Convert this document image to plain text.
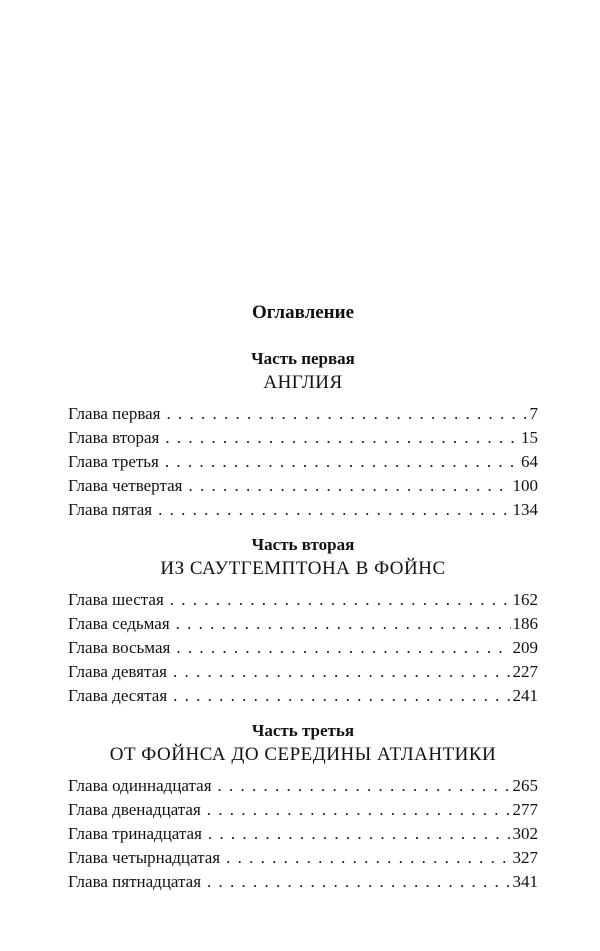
Оглавление
Часть первая
АНГЛИЯ
Глава первая . . .	7
Глава вторая . . .	15
Глава третья . . .	64
Глава четвертая . . .	100
Глава пятая . . .	134
Часть вторая
ИЗ САУТГЕМПТОНА В ФОЙНС
Глава шестая . . .	162
Глава седьмая . . .	186
Глава восьмая . . .	209
Глава девятая . . .	227
Глава десятая . . .	241
Часть третья
ОТ ФОЙНСА ДО СЕРЕДИНЫ АТЛАНТИКИ
Глава одиннадцатая . . .	265
Глава двенадцатая . . .	277
Глава тринадцатая . . .	302
Глава четырнадцатая . . .	327
Глава пятнадцатая . . .	341
